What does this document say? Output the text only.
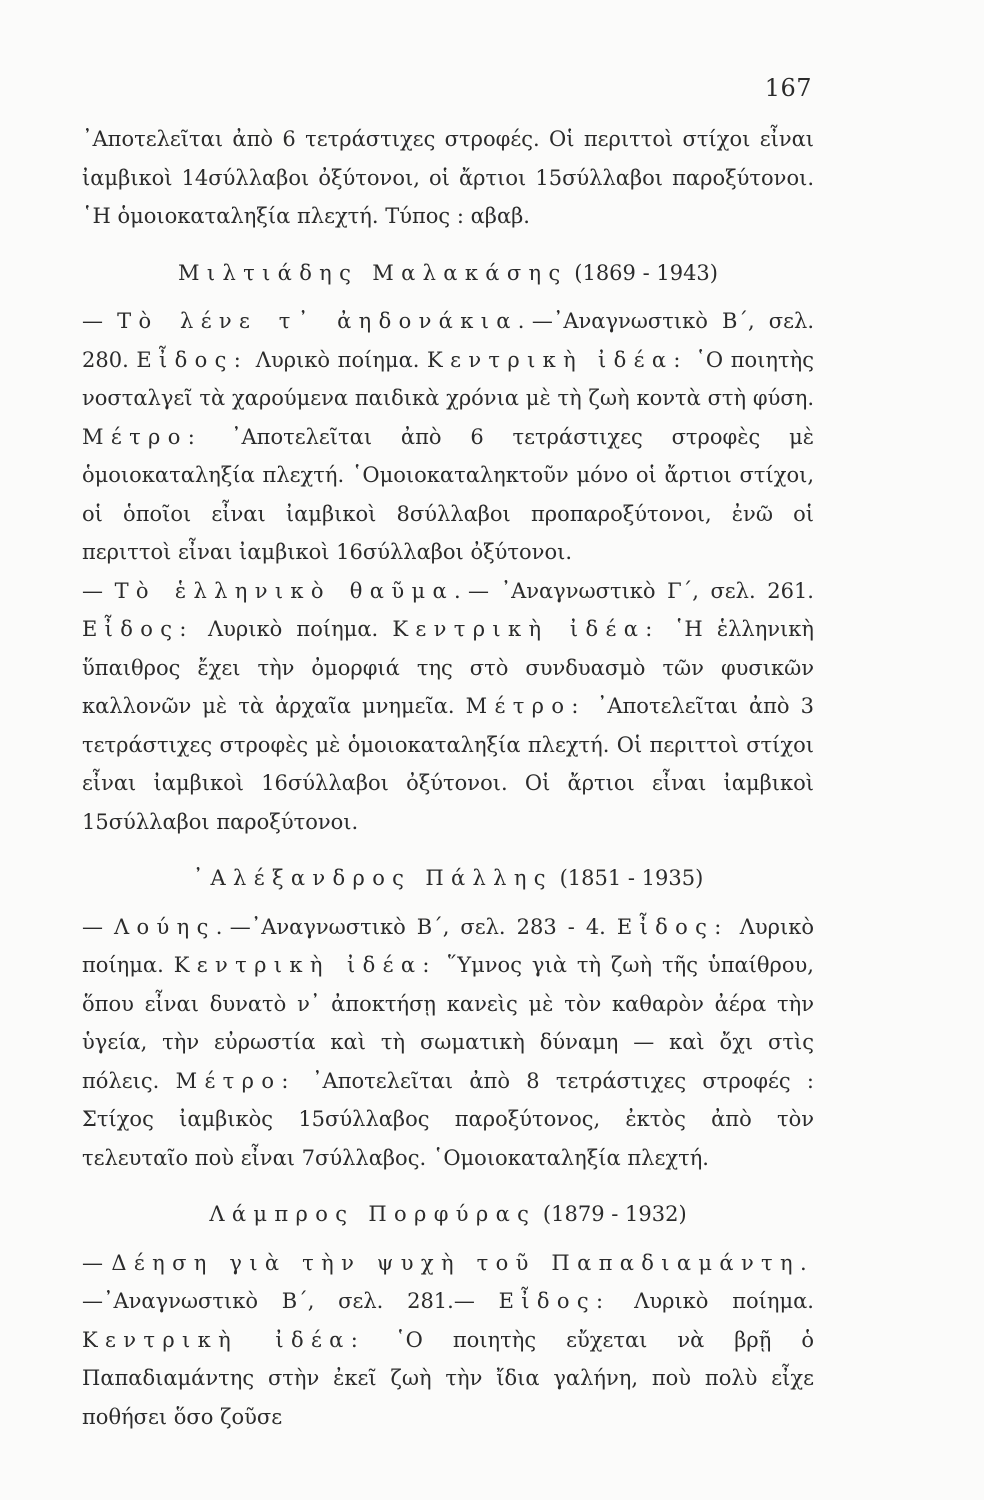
167

᾿Αποτελεῖται ἀπὸ 6 τετράστιχες στροφές. Οἱ περιττοὶ στίχοι εἶναι ἰαμβικοὶ 14σύλλαβοι ὀξύτονοι, οἱ ἄρτιοι 15σύλλαβοι παροξύτονοι. ῾Η ὁμοιοκαταληξία πλεχτή. Τύπος : αβαβ.

Μιλτιάδης Μαλακάσης (1869 - 1943)

— Τὸ λένε τ᾿ ἀηδονάκια.—᾿Αναγνωστικὸ Β΄, σελ. 280. Εἶδος: Λυρικὸ ποίημα. Κεντρικὴ ἰδέα: ῾Ο ποιητὴς νοσταλγεῖ τὰ χαρούμενα παιδικὰ χρόνια μὲ τὴ ζωὴ κοντὰ στὴ φύση. Μέτρο: ᾿Αποτελεῖται ἀπὸ 6 τετράστιχες στροφὲς μὲ ὁμοιοκαταληξία πλεχτή. ῾Ομοιοκαταληκτοῦν μόνο οἱ ἄρτιοι στίχοι, οἱ ὁποῖοι εἶναι ἰαμβικοὶ 8σύλλαβοι προπαροξύτονοι, ἐνῶ οἱ περιττοὶ εἶναι ἰαμβικοὶ 16σύλλαβοι ὀξύτονοι.

— Τὸ ἑλληνικὸ θαῦμα.— ᾿Αναγνωστικὸ Γ΄, σελ. 261. Εἶδος: Λυρικὸ ποίημα. Κεντρικὴ ἰδέα: ῾Η ἑλληνικὴ ὕπαιθρος ἔχει τὴν ὀμορφιά της στὸ συνδυασμὸ τῶν φυσικῶν καλλονῶν μὲ τὰ ἀρχαῖα μνημεῖα. Μέτρο: ᾿Αποτελεῖται ἀπὸ 3 τετράστιχες στροφὲς μὲ ὁμοιοκαταληξία πλεχτή. Οἱ περιττοὶ στίχοι εἶναι ἰαμβικοὶ 16σύλλαβοι ὀξύτονοι. Οἱ ἄρτιοι εἶναι ἰαμβικοὶ 15σύλλαβοι παροξύτονοι.

᾿Αλέξανδρος Πάλλης (1851 - 1935)

— Λούης.—᾿Αναγνωστικὸ Β΄, σελ. 283 - 4. Εἶδος: Λυρικὸ ποίημα. Κεντρικὴ ἰδέα: ῞Υμνος γιὰ τὴ ζωὴ τῆς ὑπαίθρου, ὅπου εἶναι δυνατὸ ν᾿ ἀποκτήσῃ κανεὶς μὲ τὸν καθαρὸν ἀέρα τὴν ὑγεία, τὴν εὐρωστία καὶ τὴ σωματικὴ δύναμη — καὶ ὄχι στὶς πόλεις. Μέτρο: ᾿Αποτελεῖται ἀπὸ 8 τετράστιχες στροφές : Στίχος ἰαμβικὸς 15σύλλαβος παροξύτονος, ἐκτὸς ἀπὸ τὸν τελευταῖο ποὺ εἶναι 7σύλλαβος. ῾Ομοιοκαταληξία πλεχτή.

Λάμπρος Πορφύρας (1879 - 1932)

— Δέηση γιὰ τὴν ψυχὴ τοῦ Παπαδιαμάντη.—᾿Αναγνωστικὸ Β΄, σελ. 281.— Εἶδος: Λυρικὸ ποίημα. Κεντρικὴ ἰδέα: ῾Ο ποιητὴς εὔχεται νὰ βρῇ ὁ Παπαδιαμάντης στὴν ἐκεῖ ζωὴ τὴν ἴδια γαλήνη, ποὺ πολὺ εἶχε ποθήσει ὅσο ζοῦσε
